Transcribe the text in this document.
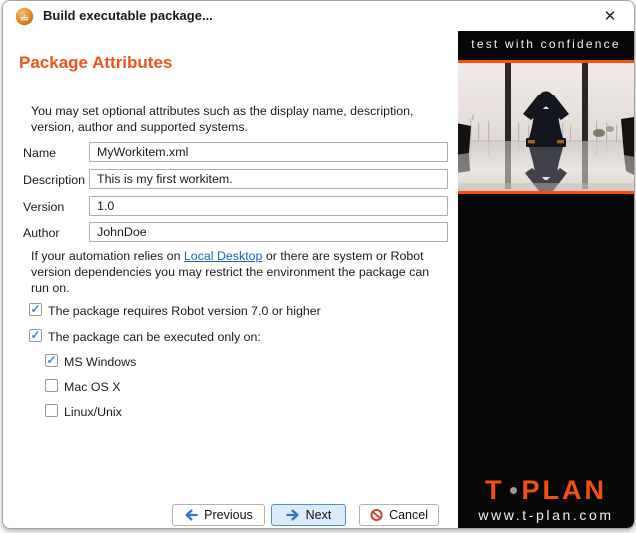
Build executable package...	✕
Package Attributes
You may set optional attributes such as the display name, description, version, author and supported systems.
Name
MyWorkitem.xml
Description
This is my first workitem.
Version
1.0
Author
JohnDoe
If your automation relies on Local Desktop or there are system or Robot version dependencies you may restrict the environment the package can run on.
✓ The package requires Robot version 7.0 or higher
✓ The package can be executed only on:
✓ MS Windows
Mac OS X
Linux/Unix
Previous	Next	Cancel
test with confidence
T PLAN
www.t-plan.com
